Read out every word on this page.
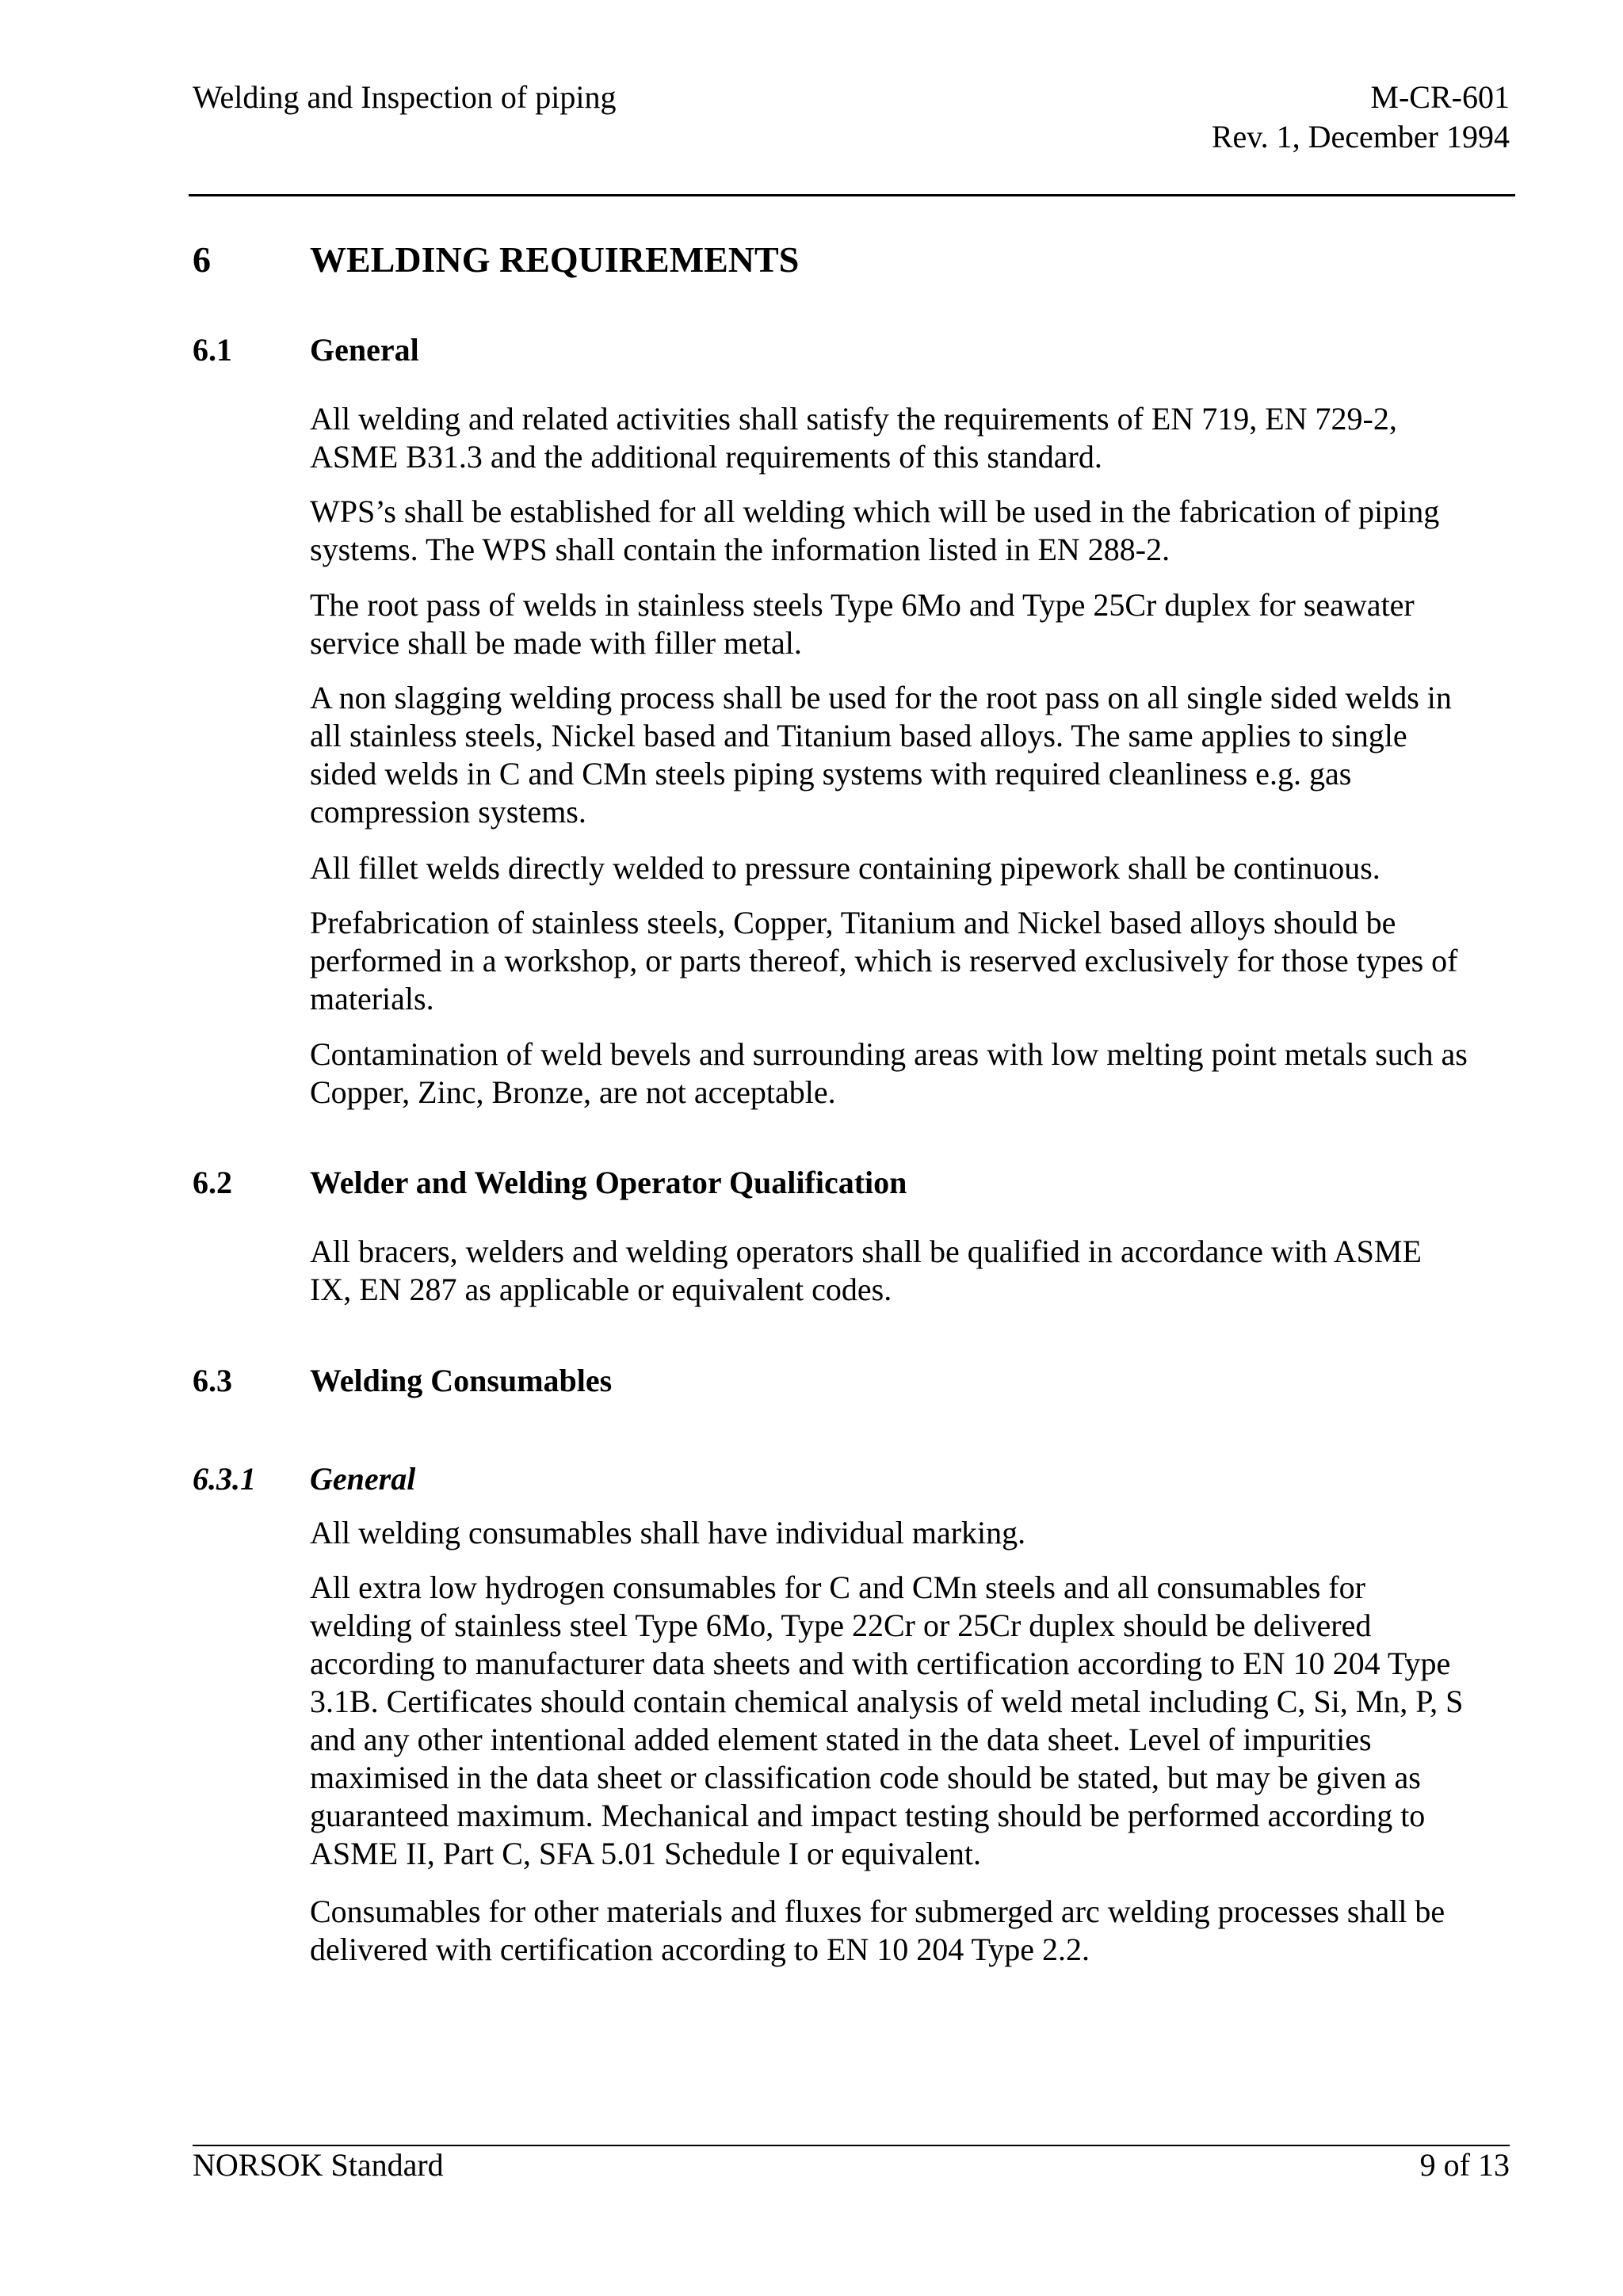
Welding and Inspection of piping	M-CR-601
Rev. 1, December 1994
6	WELDING REQUIREMENTS
6.1 General

All welding and related activities shall satisfy the requirements of EN 719, EN 729-2,
ASME B31.3 and the additional requirements of this standard.

WPS’s shall be established for all welding which will be used in the fabrication of piping
systems. The WPS shall contain the information listed in EN 288-2.

The root pass of welds in stainless steels Type 6Mo and Type 25Cr duplex for seawater
service shall be made with filler metal.

A non slagging welding process shall be used for the root pass on all single sided welds in
all stainless steels, Nickel based and Titanium based alloys. The same applies to single
sided welds in C and CMn steels piping systems with required cleanliness e.g. gas
compression systems.

All fillet welds directly welded to pressure containing pipework shall be continuous.

Prefabrication of stainless steels, Copper, Titanium and Nickel based alloys should be
performed in a workshop, or parts thereof, which is reserved exclusively for those types of
materials.

Contamination of weld bevels and surrounding areas with low melting point metals such as
Copper, Zinc, Bronze, are not acceptable.

6.2 Welder and Welding Operator Qualification

All bracers, welders and welding operators shall be qualified in accordance with ASME
IX, EN 287 as applicable or equivalent codes.

6.3 Welding Consumables
6.3.1 General

All welding consumables shall have individual marking.

All extra low hydrogen consumables for C and CMn steels and all consumables for
welding of stainless steel Type 6Mo, Type 22Cr or 25Cr duplex should be delivered
according to manufacturer data sheets and with certification according to EN 10 204 Type
3.1B. Certificates should contain chemical analysis of weld metal including C, Si, Mn, P, S
and any other intentional added element stated in the data sheet. Level of impurities
maximised in the data sheet or classification code should be stated, but may be given as
guaranteed maximum. Mechanical and impact testing should be performed according to
ASME II, Part C, SFA 5.01 Schedule I or equivalent.

Consumables for other materials and fluxes for submerged arc welding processes shall be
delivered with certification according to EN 10 204 Type 2.2.

NORSOK Standard	9 of 13
